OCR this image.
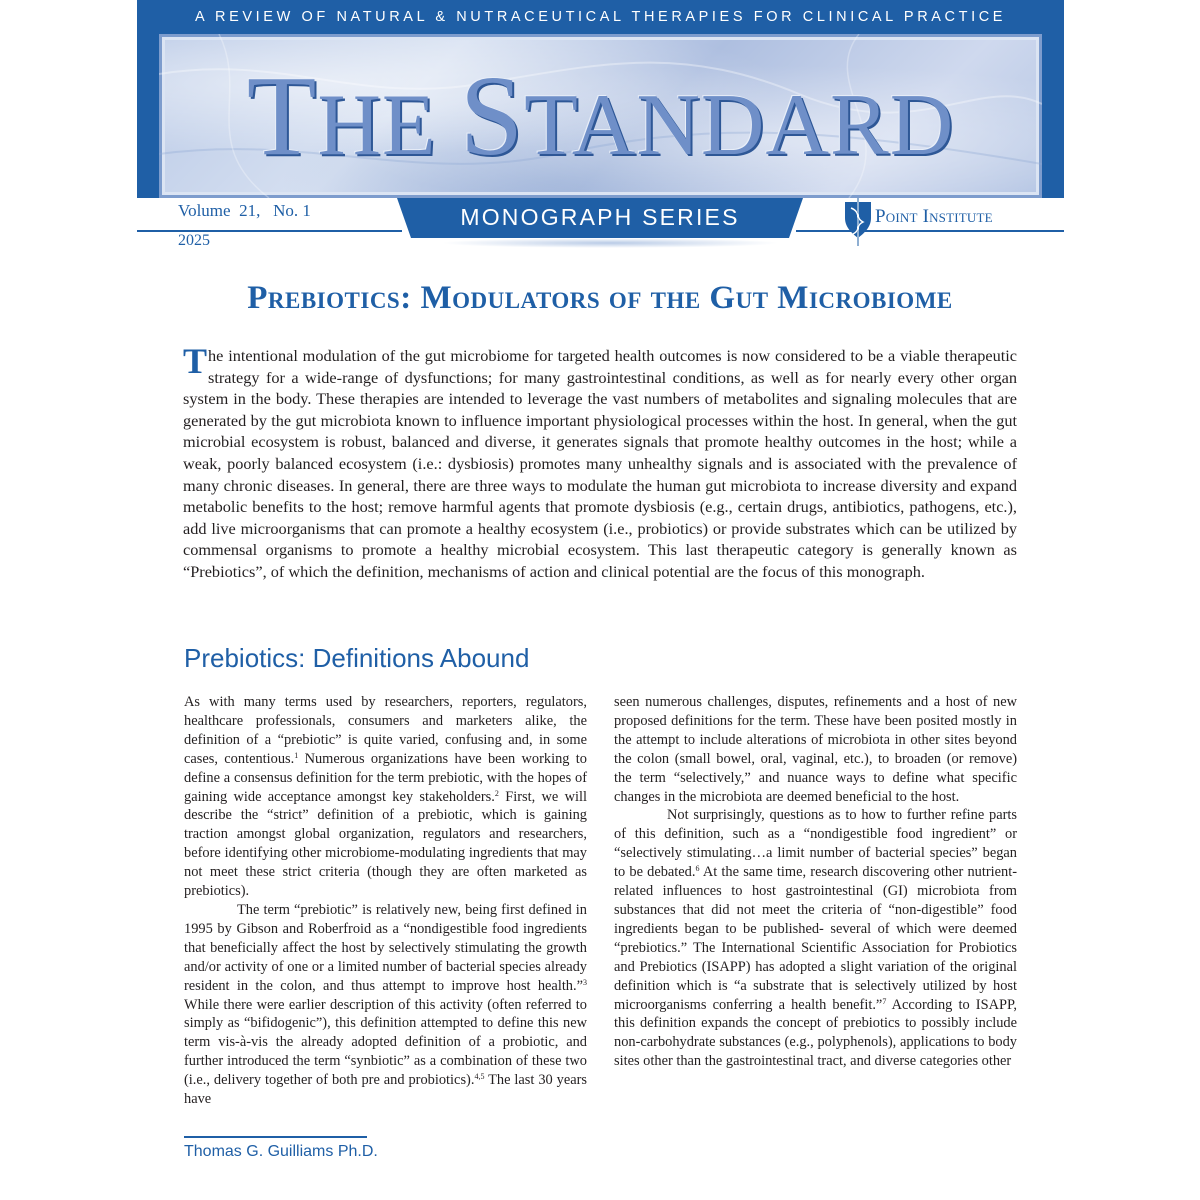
A REVIEW OF NATURAL & NUTRACEUTICAL THERAPIES FOR CLINICAL PRACTICE
THE STANDARD
Volume  21,   No. 1
2025
MONOGRAPH SERIES	Point Institute
Prebiotics: Modulators of the Gut Microbiome
The intentional modulation of the gut microbiome for targeted health outcomes is now considered to be a viable therapeutic strategy for a wide-range of dysfunctions; for many gastrointestinal conditions, as well as for nearly every other organ system in the body. These therapies are intended to leverage the vast numbers of metabolites and signaling molecules that are generated by the gut microbiota known to influence important physiological processes within the host. In general, when the gut microbial ecosystem is robust, balanced and diverse, it generates signals that promote healthy outcomes in the host; while a weak, poorly balanced ecosystem (i.e.: dysbiosis) promotes many unhealthy signals and is associated with the prevalence of many chronic diseases. In general, there are three ways to modulate the human gut microbiota to increase diversity and expand metabolic benefits to the host; remove harmful agents that promote dysbiosis (e.g., certain drugs, antibiotics, pathogens, etc.), add live microorganisms that can promote a healthy ecosystem (i.e., probiotics) or provide substrates which can be utilized by commensal organisms to promote a healthy microbial ecosystem. This last therapeutic category is generally known as “Prebiotics”, of which the definition, mechanisms of action and clinical potential are the focus of this monograph.
Prebiotics: Definitions Abound

As with many terms used by researchers, reporters, regulators, healthcare professionals, consumers and marketers alike, the definition of a “prebiotic” is quite varied, confusing and, in some cases, contentious.$^1$ Numerous organizations have been working to define a consensus definition for the term prebiotic, with the hopes of gaining wide acceptance amongst key stakeholders.$^2$ First, we will describe the “strict” definition of a prebiotic, which is gaining traction amongst global organization, regulators and researchers, before identifying other microbiome-modulating ingredients that may not meet these strict criteria (though they are often marketed as prebiotics).

The term “prebiotic” is relatively new, being first defined in 1995 by Gibson and Roberfroid as a “nondigestible food ingredients that beneficially affect the host by selectively stimulating the growth and/or activity of one or a limited number of bacterial species already resident in the colon, and thus attempt to improve host health.”$^3$ While there were earlier description of this activity (often referred to simply as “bifidogenic”), this definition attempted to define this new term vis-à-vis the already adopted definition of a probiotic, and further introduced the term “synbiotic” as a combination of these two (i.e., delivery together of both pre and probiotics).$^{4,5}$ The last 30 years have

seen numerous challenges, disputes, refinements and a host of new proposed definitions for the term. These have been posited mostly in the attempt to include alterations of microbiota in other sites beyond the colon (small bowel, oral, vaginal, etc.), to broaden (or remove) the term “selectively,” and nuance ways to define what specific changes in the microbiota are deemed beneficial to the host.

Not surprisingly, questions as to how to further refine parts of this definition, such as a “nondigestible food ingredient” or “selectively stimulating…a limit number of bacterial species” began to be debated.$^6$ At the same time, research discovering other nutrient-related influences to host gastrointestinal (GI) microbiota from substances that did not meet the criteria of “non-digestible” food ingredients began to be published- several of which were deemed “prebiotics.” The International Scientific Association for Probiotics and Prebiotics (ISAPP) has adopted a slight variation of the original definition which is “a substrate that is selectively utilized by host microorganisms conferring a health benefit.”$^7$ According to ISAPP, this definition expands the concept of prebiotics to possibly include non-carbohydrate substances (e.g., polyphenols), applications to body sites other than the gastrointestinal tract, and diverse categories other

Thomas G. Guilliams Ph.D.
